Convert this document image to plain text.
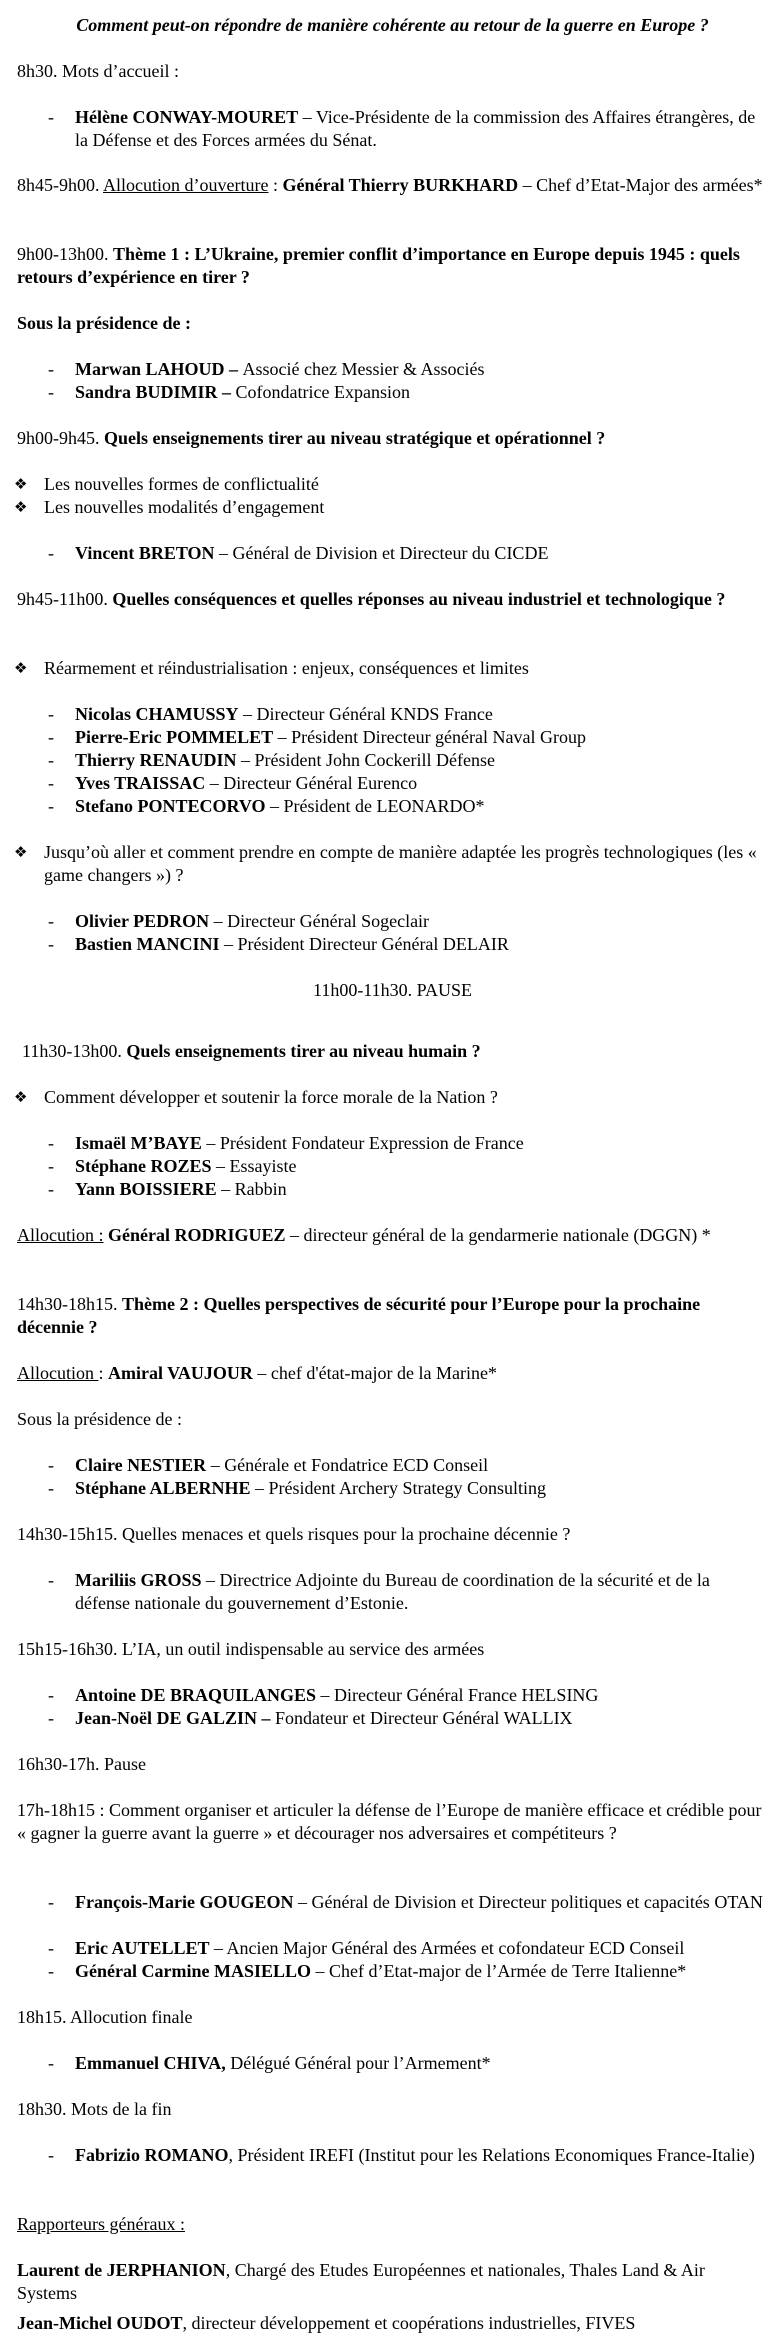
Comment peut-on répondre de manière cohérente au retour de la guerre en Europe ?

8h30. Mots d’accueil :

- Hélène CONWAY-MOURET – Vice-Présidente de la commission des Affaires étrangères, de la Défense et des Forces armées du Sénat.

8h45-9h00. Allocution d’ouverture : Général Thierry BURKHARD – Chef d’Etat-Major des armées*

9h00-13h00. Thème 1 : L’Ukraine, premier conflit d’importance en Europe depuis 1945 : quels retours d’expérience en tirer ?

Sous la présidence de :

- Marwan LAHOUD – Associé chez Messier & Associés
- Sandra BUDIMIR – Cofondatrice Expansion

9h00-9h45. Quels enseignements tirer au niveau stratégique et opérationnel ?

❖ Les nouvelles formes de conflictualité
❖ Les nouvelles modalités d’engagement
- Vincent BRETON – Général de Division et Directeur du CICDE

9h45-11h00. Quelles conséquences et quelles réponses au niveau industriel et technologique ?

❖ Réarmement et réindustrialisation : enjeux, conséquences et limites
- Nicolas CHAMUSSY – Directeur Général KNDS France
- Pierre-Eric POMMELET – Président Directeur général Naval Group
- Thierry RENAUDIN – Président John Cockerill Défense
- Yves TRAISSAC – Directeur Général Eurenco
- Stefano PONTECORVO – Président de LEONARDO*
❖ Jusqu’où aller et comment prendre en compte de manière adaptée les progrès technologiques (les « game changers ») ?
- Olivier PEDRON – Directeur Général Sogeclair
- Bastien MANCINI – Président Directeur Général DELAIR

11h00-11h30. PAUSE

11h30-13h00. Quels enseignements tirer au niveau humain ?

❖ Comment développer et soutenir la force morale de la Nation ?
- Ismaël M’BAYE – Président Fondateur Expression de France
- Stéphane ROZES – Essayiste
- Yann BOISSIERE – Rabbin

Allocution : Général RODRIGUEZ – directeur général de la gendarmerie nationale (DGGN) *

14h30-18h15. Thème 2 : Quelles perspectives de sécurité pour l’Europe pour la prochaine décennie ?

Allocution : Amiral VAUJOUR – chef d'état-major de la Marine*

Sous la présidence de :

- Claire NESTIER – Générale et Fondatrice ECD Conseil
- Stéphane ALBERNHE – Président Archery Strategy Consulting

14h30-15h15. Quelles menaces et quels risques pour la prochaine décennie ?

- Mariliis GROSS – Directrice Adjointe du Bureau de coordination de la sécurité et de la défense nationale du gouvernement d’Estonie.

15h15-16h30. L’IA, un outil indispensable au service des armées

- Antoine DE BRAQUILANGES – Directeur Général France HELSING
- Jean-Noël DE GALZIN – Fondateur et Directeur Général WALLIX

16h30-17h. Pause

17h-18h15 : Comment organiser et articuler la défense de l’Europe de manière efficace et crédible pour « gagner la guerre avant la guerre » et décourager nos adversaires et compétiteurs ?

- François-Marie GOUGEON – Général de Division et Directeur politiques et capacités OTAN
- Eric AUTELLET – Ancien Major Général des Armées et cofondateur ECD Conseil
- Général Carmine MASIELLO – Chef d’Etat-major de l’Armée de Terre Italienne*

18h15. Allocution finale

- Emmanuel CHIVA, Délégué Général pour l’Armement*

18h30. Mots de la fin

- Fabrizio ROMANO, Président IREFI (Institut pour les Relations Economiques France-Italie)

Rapporteurs généraux :

Laurent de JERPHANION, Chargé des Etudes Européennes et nationales, Thales Land & Air Systems

Jean-Michel OUDOT, directeur développement et coopérations industrielles, FIVES
